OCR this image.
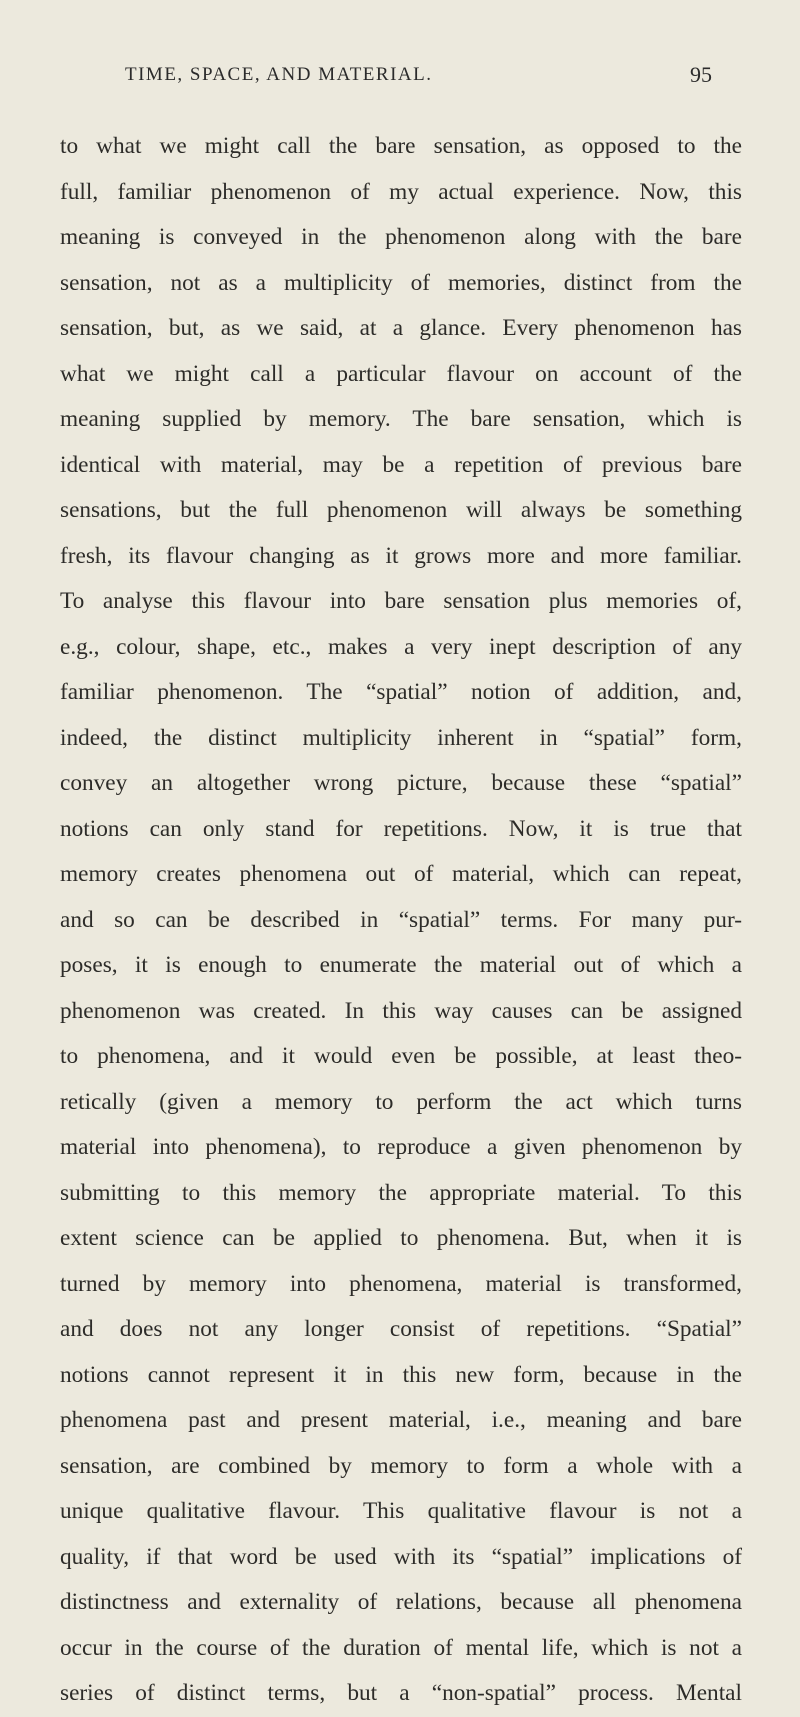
TIME, SPACE, AND MATERIAL.	95
to what we might call the bare sensation, as opposed to the
full, familiar phenomenon of my actual experience. Now, this
meaning is conveyed in the phenomenon along with the bare
sensation, not as a multiplicity of memories, distinct from the
sensation, but, as we said, at a glance. Every phenomenon has
what we might call a particular flavour on account of the
meaning supplied by memory. The bare sensation, which is
identical with material, may be a repetition of previous bare
sensations, but the full phenomenon will always be something
fresh, its flavour changing as it grows more and more familiar.
To analyse this flavour into bare sensation plus memories of,
e.g., colour, shape, etc., makes a very inept description of any
familiar phenomenon. The “spatial” notion of addition, and,
indeed, the distinct multiplicity inherent in “spatial” form,
convey an altogether wrong picture, because these “spatial”
notions can only stand for repetitions. Now, it is true that
memory creates phenomena out of material, which can repeat,
and so can be described in “spatial” terms. For many pur-
poses, it is enough to enumerate the material out of which a
phenomenon was created. In this way causes can be assigned
to phenomena, and it would even be possible, at least theo-
retically (given a memory to perform the act which turns
material into phenomena), to reproduce a given phenomenon by
submitting to this memory the appropriate material. To this
extent science can be applied to phenomena. But, when it is
turned by memory into phenomena, material is transformed,
and does not any longer consist of repetitions. “Spatial”
notions cannot represent it in this new form, because in the
phenomena past and present material, i.e., meaning and bare
sensation, are combined by memory to form a whole with a
unique qualitative flavour. This qualitative flavour is not a
quality, if that word be used with its “spatial” implications of
distinctness and externality of relations, because all phenomena
occur in the course of the duration of mental life, which is not a
series of distinct terms, but a “non-spatial” process. Mental
